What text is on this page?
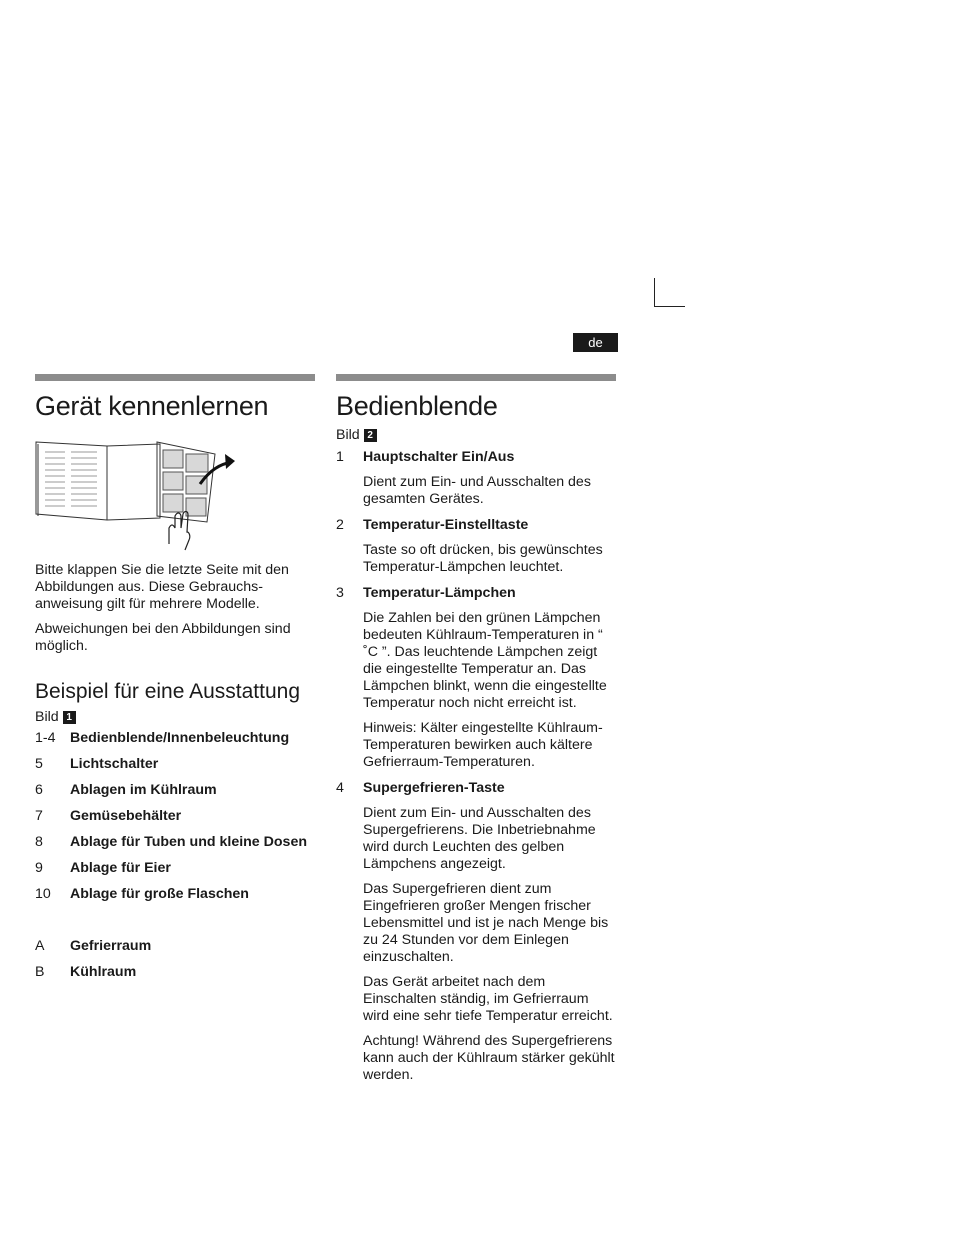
de
Gerät kennenlernen

Bitte klappen Sie die letzte Seite mit den Abbildungen aus. Diese Gebrauchs-anweisung gilt für mehrere Modelle.

Abweichungen bei den Abbildungen sind möglich.

Beispiel für eine Ausstattung
Bild 1
1-4	Bedienblende/Innenbeleuchtung
5	Lichtschalter
6	Ablagen im Kühlraum
7	Gemüsebehälter
8	Ablage für Tuben und kleine Dosen
9	Ablage für Eier
10	Ablage für große Flaschen
A	Gefrierraum
B	Kühlraum
Bedienblende
Bild 2
1	Hauptschalter Ein/Aus

Dient zum Ein- und Ausschalten des gesamten Gerätes.

2	Temperatur-Einstelltaste

Taste so oft drücken, bis gewünschtes Temperatur-Lämpchen leuchtet.

3	Temperatur-Lämpchen

Die Zahlen bei den grünen Lämpchen bedeuten Kühlraum-Temperaturen in “ ˚C ”. Das leuchtende Lämpchen zeigt die eingestellte Temperatur an. Das Lämpchen blinkt, wenn die eingestellte Temperatur noch nicht erreicht ist.

Hinweis: Kälter eingestellte Kühlraum-Temperaturen bewirken auch kältere Gefrierraum-Temperaturen.

4	Supergefrieren-Taste

Dient zum Ein- und Ausschalten des Supergefrierens. Die Inbetriebnahme wird durch Leuchten des gelben Lämpchens angezeigt.

Das Supergefrieren dient zum Eingefrieren großer Mengen frischer Lebensmittel und ist je nach Menge bis zu 24 Stunden vor dem Einlegen einzuschalten.

Das Gerät arbeitet nach dem Einschalten ständig, im Gefrierraum wird eine sehr tiefe Temperatur erreicht.

Achtung! Während des Supergefrierens kann auch der Kühlraum stärker gekühlt werden.
